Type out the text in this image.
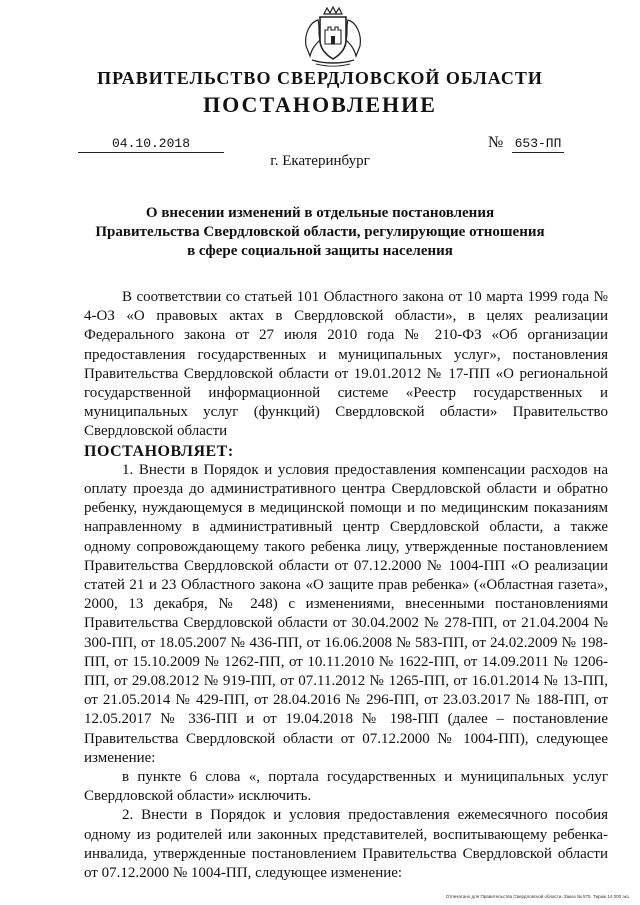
ПРАВИТЕЛЬСТВО СВЕРДЛОВСКОЙ ОБЛАСТИ
ПОСТАНОВЛЕНИЕ
04.10.2018	№ 653-ПП
г. Екатеринбург
О внесении изменений в отдельные постановления
Правительства Свердловской области, регулирующие отношения
в сфере социальной защиты населения

В соответствии со статьей 101 Областного закона от 10 марта 1999 года № 4-ОЗ «О правовых актах в Свердловской области», в целях реализации Федерального закона от 27 июля 2010 года № 210-ФЗ «Об организации предоставления государственных и муниципальных услуг», постановления Правительства Свердловской области от 19.01.2012 № 17-ПП «О региональной государственной информационной системе «Реестр государственных и муниципальных услуг (функций) Свердловской области» Правительство Свердловской области

ПОСТАНОВЛЯЕТ:

1. Внести в Порядок и условия предоставления компенсации расходов на оплату проезда до административного центра Свердловской области и обратно ребенку, нуждающемуся в медицинской помощи и по медицинским показаниям направленному в административный центр Свердловской области, а также одному сопровождающему такого ребенка лицу, утвержденные постановлением Правительства Свердловской области от 07.12.2000 № 1004-ПП «О реализации статей 21 и 23 Областного закона «О защите прав ребенка» («Областная газета», 2000, 13 декабря, № 248) с изменениями, внесенными постановлениями Правительства Свердловской области от 30.04.2002 № 278-ПП, от 21.04.2004 № 300-ПП, от 18.05.2007 № 436-ПП, от 16.06.2008 № 583-ПП, от 24.02.2009 № 198-ПП, от 15.10.2009 № 1262-ПП, от 10.11.2010 № 1622-ПП, от 14.09.2011 № 1206-ПП, от 29.08.2012 № 919-ПП, от 07.11.2012 № 1265-ПП, от 16.01.2014 № 13-ПП, от 21.05.2014 № 429-ПП, от 28.04.2016 № 296-ПП, от 23.03.2017 № 188-ПП, от 12.05.2017 № 336-ПП и от 19.04.2018 № 198-ПП (далее – постановление Правительства Свердловской области от 07.12.2000 № 1004-ПП), следующее изменение:

в пункте 6 слова «, портала государственных и муниципальных услуг Свердловской области» исключить.

2. Внести в Порядок и условия предоставления ежемесячного пособия одному из родителей или законных представителей, воспитывающему ребенка-инвалида, утвержденные постановлением Правительства Свердловской области от 07.12.2000 № 1004-ПП, следующее изменение:

Отпечатано для Правительства Свердловской области. Заказ № 575. Тираж 14 000 экз.
